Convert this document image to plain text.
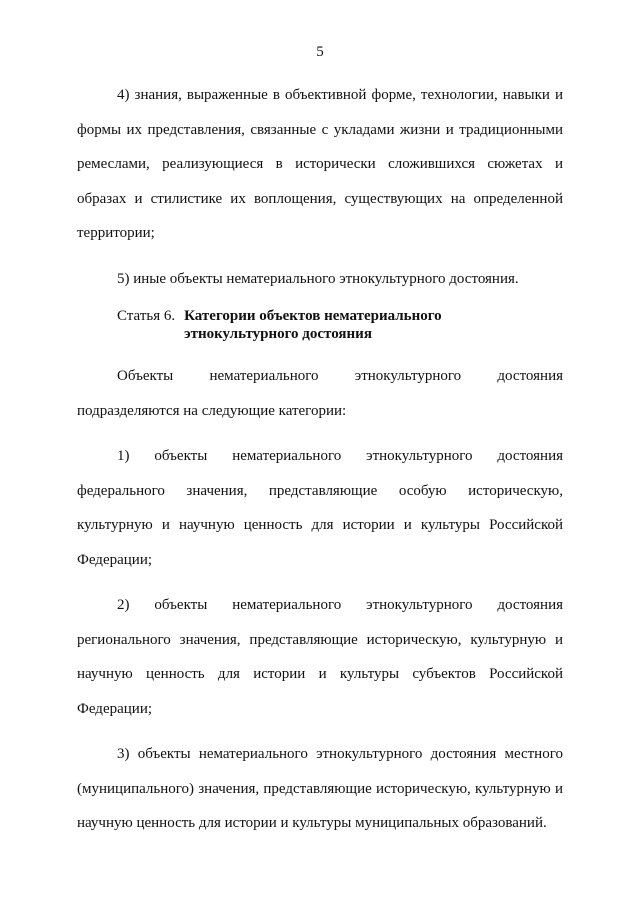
5

4) знания, выраженные в объективной форме, технологии, навыки и формы их представления, связанные с укладами жизни и традиционными ремеслами, реализующиеся в исторически сложившихся сюжетах и образах и стилистике их воплощения, существующих на определенной территории;

5) иные объекты нематериального этнокультурного достояния.

Статья 6. Категории объектов нематериального этнокультурного достояния

Объекты нематериального этнокультурного достояния подразделяются на следующие категории:

1) объекты нематериального этнокультурного достояния федерального значения, представляющие особую историческую, культурную и научную ценность для истории и культуры Российской Федерации;

2) объекты нематериального этнокультурного достояния регионального значения, представляющие историческую, культурную и научную ценность для истории и культуры субъектов Российской Федерации;

3) объекты нематериального этнокультурного достояния местного (муниципального) значения, представляющие историческую, культурную и научную ценность для истории и культуры муниципальных образований.
